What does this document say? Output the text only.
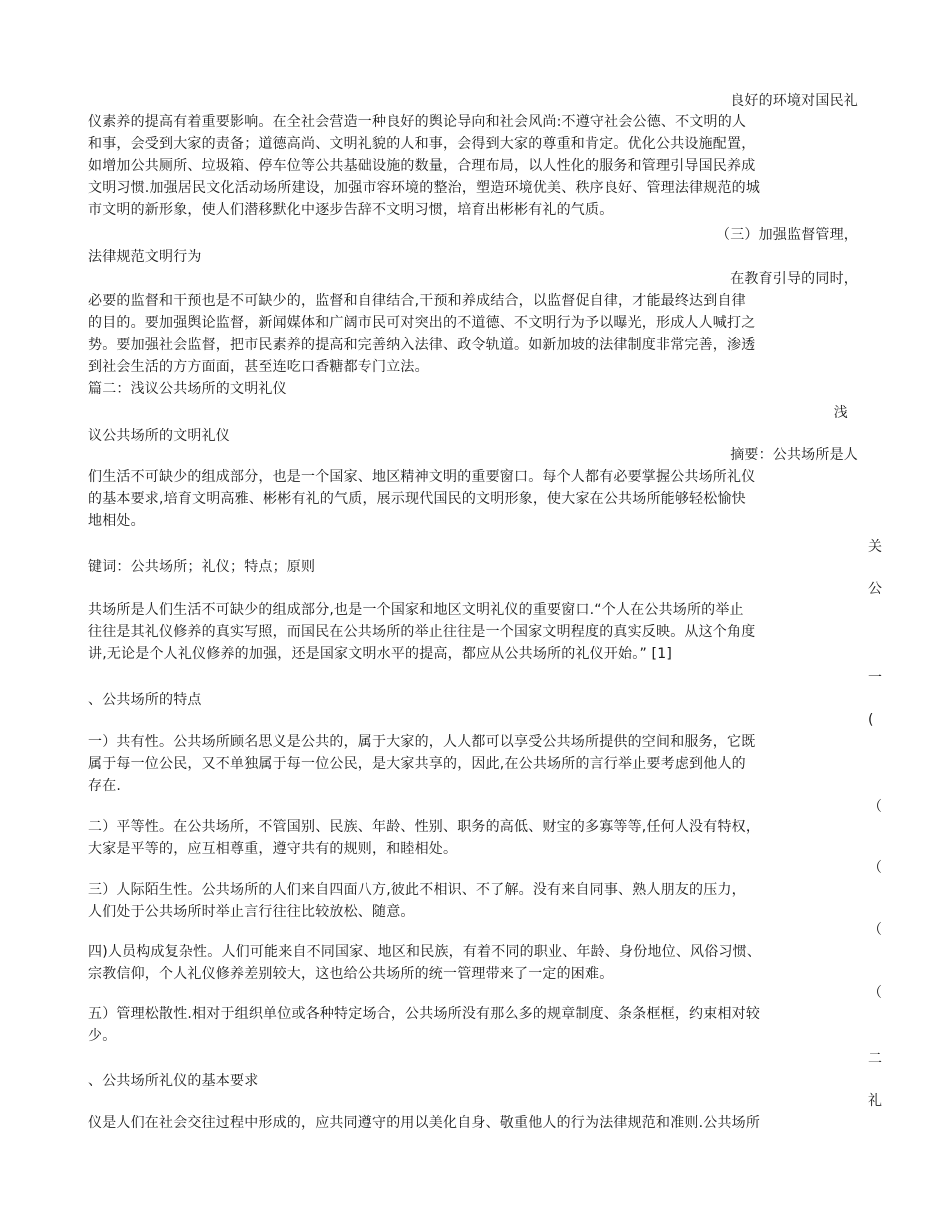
良好的环境对国民礼
仪素养的提高有着重要影响。在全社会营造一种良好的舆论导向和社会风尚:不遵守社会公德、不文明的人
和事，会受到大家的责备；道德高尚、文明礼貌的人和事，会得到大家的尊重和肯定。优化公共设施配置，
如增加公共厕所、垃圾箱、停车位等公共基础设施的数量，合理布局，以人性化的服务和管理引导国民养成
文明习惯.加强居民文化活动场所建设，加强市容环境的整治，塑造环境优美、秩序良好、管理法律规范的城
市文明的新形象，使人们潜移默化中逐步告辞不文明习惯，培育出彬彬有礼的气质。
（三）加强监督管理，
法律规范文明行为
在教育引导的同时，
必要的监督和干预也是不可缺少的，监督和自律结合,干预和养成结合，以监督促自律，才能最终达到自律
的目的。要加强舆论监督，新闻媒体和广阔市民可对突出的不道德、不文明行为予以曝光，形成人人喊打之
势。要加强社会监督，把市民素养的提高和完善纳入法律、政令轨道。如新加坡的法律制度非常完善，渗透
到社会生活的方方面面，甚至连吃口香糖都专门立法。
篇二：浅议公共场所的文明礼仪
浅
议公共场所的文明礼仪
摘要：公共场所是人
们生活不可缺少的组成部分，也是一个国家、地区精神文明的重要窗口。每个人都有必要掌握公共场所礼仪
的基本要求,培育文明高雅、彬彬有礼的气质，展示现代国民的文明形象，使大家在公共场所能够轻松愉快
地相处。
关
键词：公共场所；礼仪；特点；原则
公
共场所是人们生活不可缺少的组成部分,也是一个国家和地区文明礼仪的重要窗口.“个人在公共场所的举止
往往是其礼仪修养的真实写照，而国民在公共场所的举止往往是一个国家文明程度的真实反映。从这个角度
讲,无论是个人礼仪修养的加强，还是国家文明水平的提高，都应从公共场所的礼仪开始。” [1]
一
、公共场所的特点
(
一）共有性。公共场所顾名思义是公共的，属于大家的，人人都可以享受公共场所提供的空间和服务，它既
属于每一位公民，又不单独属于每一位公民，是大家共享的，因此,在公共场所的言行举止要考虑到他人的
存在.
（
二）平等性。在公共场所，不管国别、民族、年龄、性别、职务的高低、财宝的多寡等等,任何人没有特权，
大家是平等的，应互相尊重，遵守共有的规则，和睦相处。
（
三）人际陌生性。公共场所的人们来自四面八方,彼此不相识、不了解。没有来自同事、熟人朋友的压力，
人们处于公共场所时举止言行往往比较放松、随意。
（
四)人员构成复杂性。人们可能来自不同国家、地区和民族，有着不同的职业、年龄、身份地位、风俗习惯、
宗教信仰，个人礼仪修养差别较大，这也给公共场所的统一管理带来了一定的困难。
（
五）管理松散性.相对于组织单位或各种特定场合，公共场所没有那么多的规章制度、条条框框，约束相对较
少。
二
、公共场所礼仪的基本要求
礼
仪是人们在社会交往过程中形成的，应共同遵守的用以美化自身、敬重他人的行为法律规范和准则.公共场所
